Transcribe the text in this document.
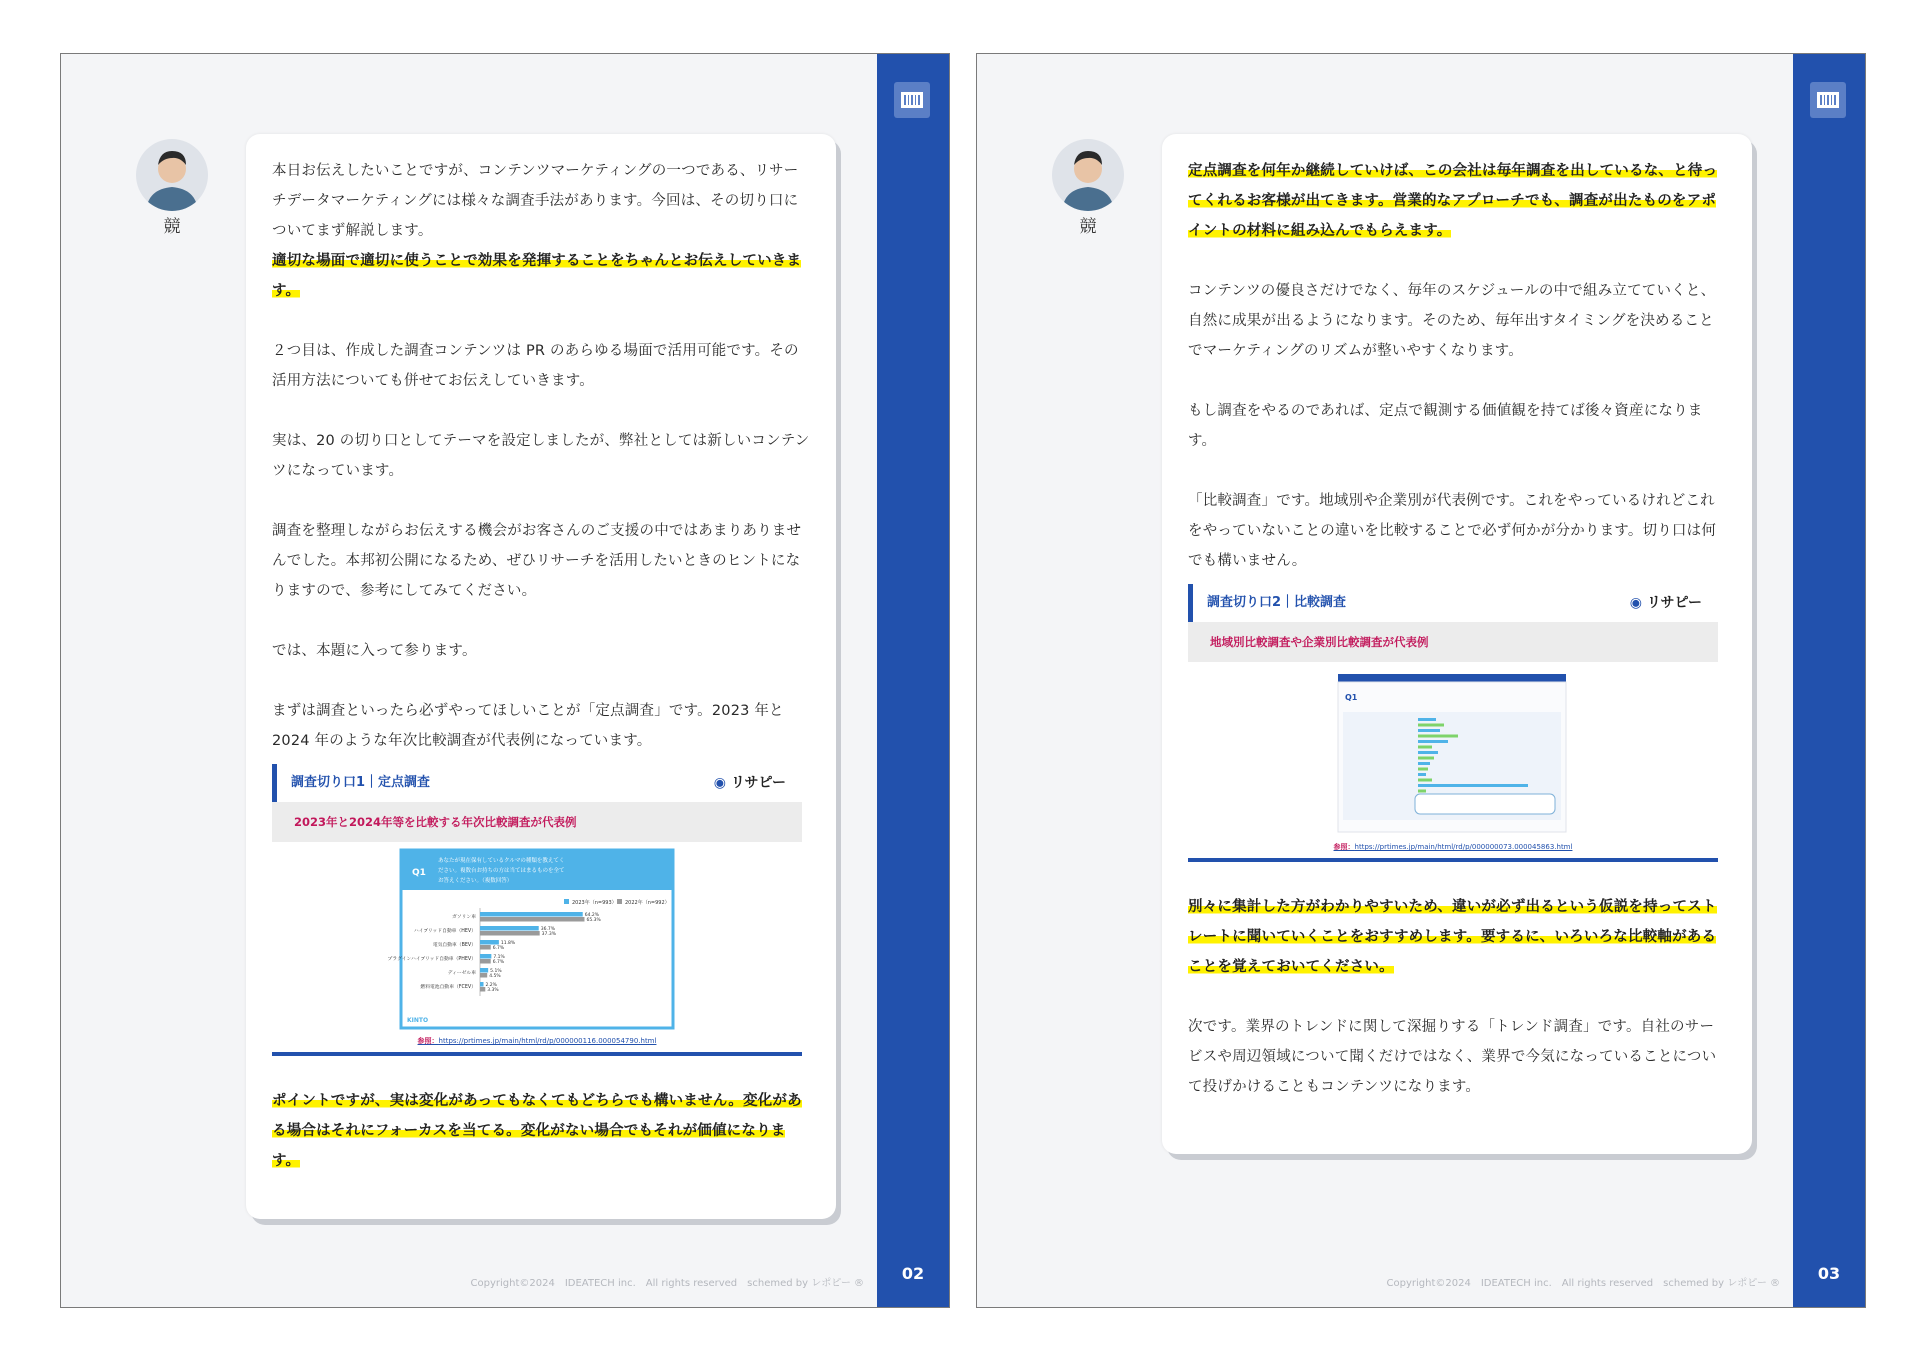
競

本日お伝えしたいことですが、コンテンツマーケティングの一つである、リサーチデータマーケティングには様々な調査手法があります。今回は、その切り口についてまず解説します。
適切な場面で適切に使うことで効果を発揮することをちゃんとお伝えしていきます。

２つ目は、作成した調査コンテンツは PR のあらゆる場面で活用可能です。その活用方法についても併せてお伝えしていきます。

実は、20 の切り口としてテーマを設定しましたが、弊社としては新しいコンテンツになっています。

調査を整理しながらお伝えする機会がお客さんのご支援の中ではあまりありませんでした。本邦初公開になるため、ぜひリサーチを活用したいときのヒントになりますので、参考にしてみてください。

では、本題に入って参ります。

まずは調査といったら必ずやってほしいことが「定点調査」です。2023 年と 2024 年のような年次比較調査が代表例になっています。

調査切り口1｜定点調査	◉ リサピー
2023年と2024年等を比較する年次比較調査が代表例
Q1
あなたが現在保有しているクルマの種類を教えてく
ださい。複数台お持ちの方は当てはまるものを全て
お答えください。（複数回答）
2023年（n=993） 2022年（n=992）
ガソリン車	64.2%
65.3%
ハイブリッド自動車（HEV）	36.7%
37.3%
電気自動車（BEV）	11.8%
6.7%
プラグインハイブリッド自動車（PHEV）	7.1%
6.7%
ディーゼル車	5.1%
4.5%
燃料電池自動車（FCEV） 2.2%
3.3%
KINTO
参照：https://prtimes.jp/main/html/rd/p/000000116.000054790.html

ポイントですが、実は変化があってもなくてもどちらでも構いません。変化がある場合はそれにフォーカスを当てる。変化がない場合でもそれが価値になります。

Copyright©2024　IDEATECH inc.　All rights reserved　schemed by レポピー ®
02
競

定点調査を何年か継続していけば、この会社は毎年調査を出しているな、と待ってくれるお客様が出てきます。営業的なアプローチでも、調査が出たものをアポイントの材料に組み込んでもらえます。

コンテンツの優良さだけでなく、毎年のスケジュールの中で組み立てていくと、自然に成果が出るようになります。そのため、毎年出すタイミングを決めることでマーケティングのリズムが整いやすくなります。

もし調査をやるのであれば、定点で観測する価値観を持てば後々資産になります。

「比較調査」です。地域別や企業別が代表例です。これをやっているけれどこれをやっていないことの違いを比較することで必ず何かが分かります。切り口は何でも構いません。

調査切り口2｜比較調査	◉ リサピー
地域別比較調査や企業別比較調査が代表例
Q1
参照：https://prtimes.jp/main/html/rd/p/000000073.000045863.html

別々に集計した方がわかりやすいため、違いが必ず出るという仮説を持ってストレートに聞いていくことをおすすめします。要するに、いろいろな比較軸があることを覚えておいてください。

次です。業界のトレンドに関して深掘りする「トレンド調査」です。自社のサービスや周辺領域について聞くだけではなく、業界で今気になっていることについて投げかけることもコンテンツになります。

Copyright©2024　IDEATECH inc.　All rights reserved　schemed by レポピー ®
03
